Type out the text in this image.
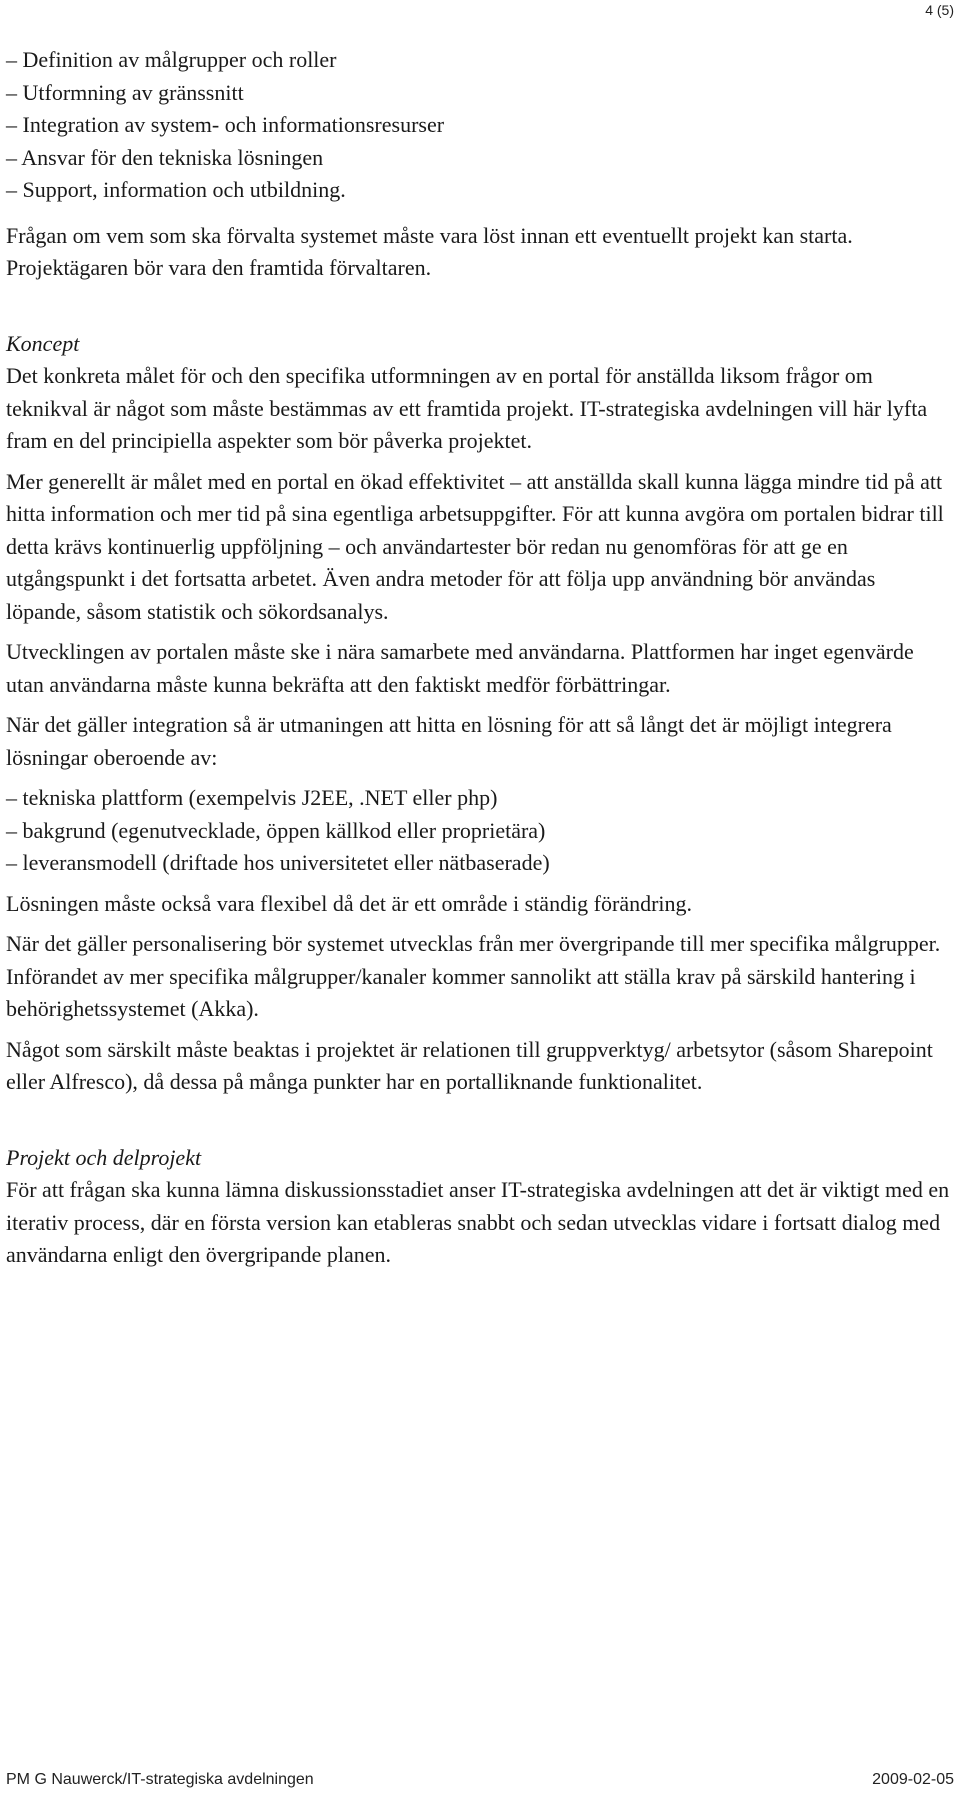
4 (5)
– Definition av målgrupper och roller
– Utformning av gränssnitt
– Integration av system- och informationsresurser
– Ansvar för den tekniska lösningen
– Support, information och utbildning.

Frågan om vem som ska förvalta systemet måste vara löst innan ett eventuellt projekt kan starta. Projektägaren bör vara den framtida förvaltaren.

Koncept

Det konkreta målet för och den specifika utformningen av en portal för anställda liksom frågor om teknikval är något som måste bestämmas av ett framtida projekt. IT-strategiska avdelningen vill här lyfta fram en del principiella aspekter som bör påverka projektet.

Mer generellt är målet med en portal en ökad effektivitet – att anställda skall kunna lägga mindre tid på att hitta information och mer tid på sina egentliga arbetsuppgifter. För att kunna avgöra om portalen bidrar till detta krävs kontinuerlig uppföljning – och användartester bör redan nu genomföras för att ge en utgångspunkt i det fortsatta arbetet. Även andra metoder för att följa upp användning bör användas löpande, såsom statistik och sökordsanalys.

Utvecklingen av portalen måste ske i nära samarbete med användarna. Plattformen har inget egenvärde utan användarna måste kunna bekräfta att den faktiskt medför förbättringar.

När det gäller integration så är utmaningen att hitta en lösning för att så långt det är möjligt integrera lösningar oberoende av:

– tekniska plattform (exempelvis J2EE, .NET eller php)
– bakgrund (egenutvecklade, öppen källkod eller proprietära)
– leveransmodell (driftade hos universitetet eller nätbaserade)

Lösningen måste också vara flexibel då det är ett område i ständig förändring.

När det gäller personalisering bör systemet utvecklas från mer övergripande till mer specifika målgrupper. Införandet av mer specifika målgrupper/kanaler kommer sannolikt att ställa krav på särskild hantering i behörighetssystemet (Akka).

Något som särskilt måste beaktas i projektet är relationen till gruppverktyg/ arbetsytor (såsom Sharepoint eller Alfresco), då dessa på många punkter har en portalliknande funktionalitet.

Projekt och delprojekt

För att frågan ska kunna lämna diskussionsstadiet anser IT-strategiska avdelningen att det är viktigt med en iterativ process, där en första version kan etableras snabbt och sedan utvecklas vidare i fortsatt dialog med användarna enligt den övergripande planen.

PM G Nauwerck/IT-strategiska avdelningen	2009-02-05
